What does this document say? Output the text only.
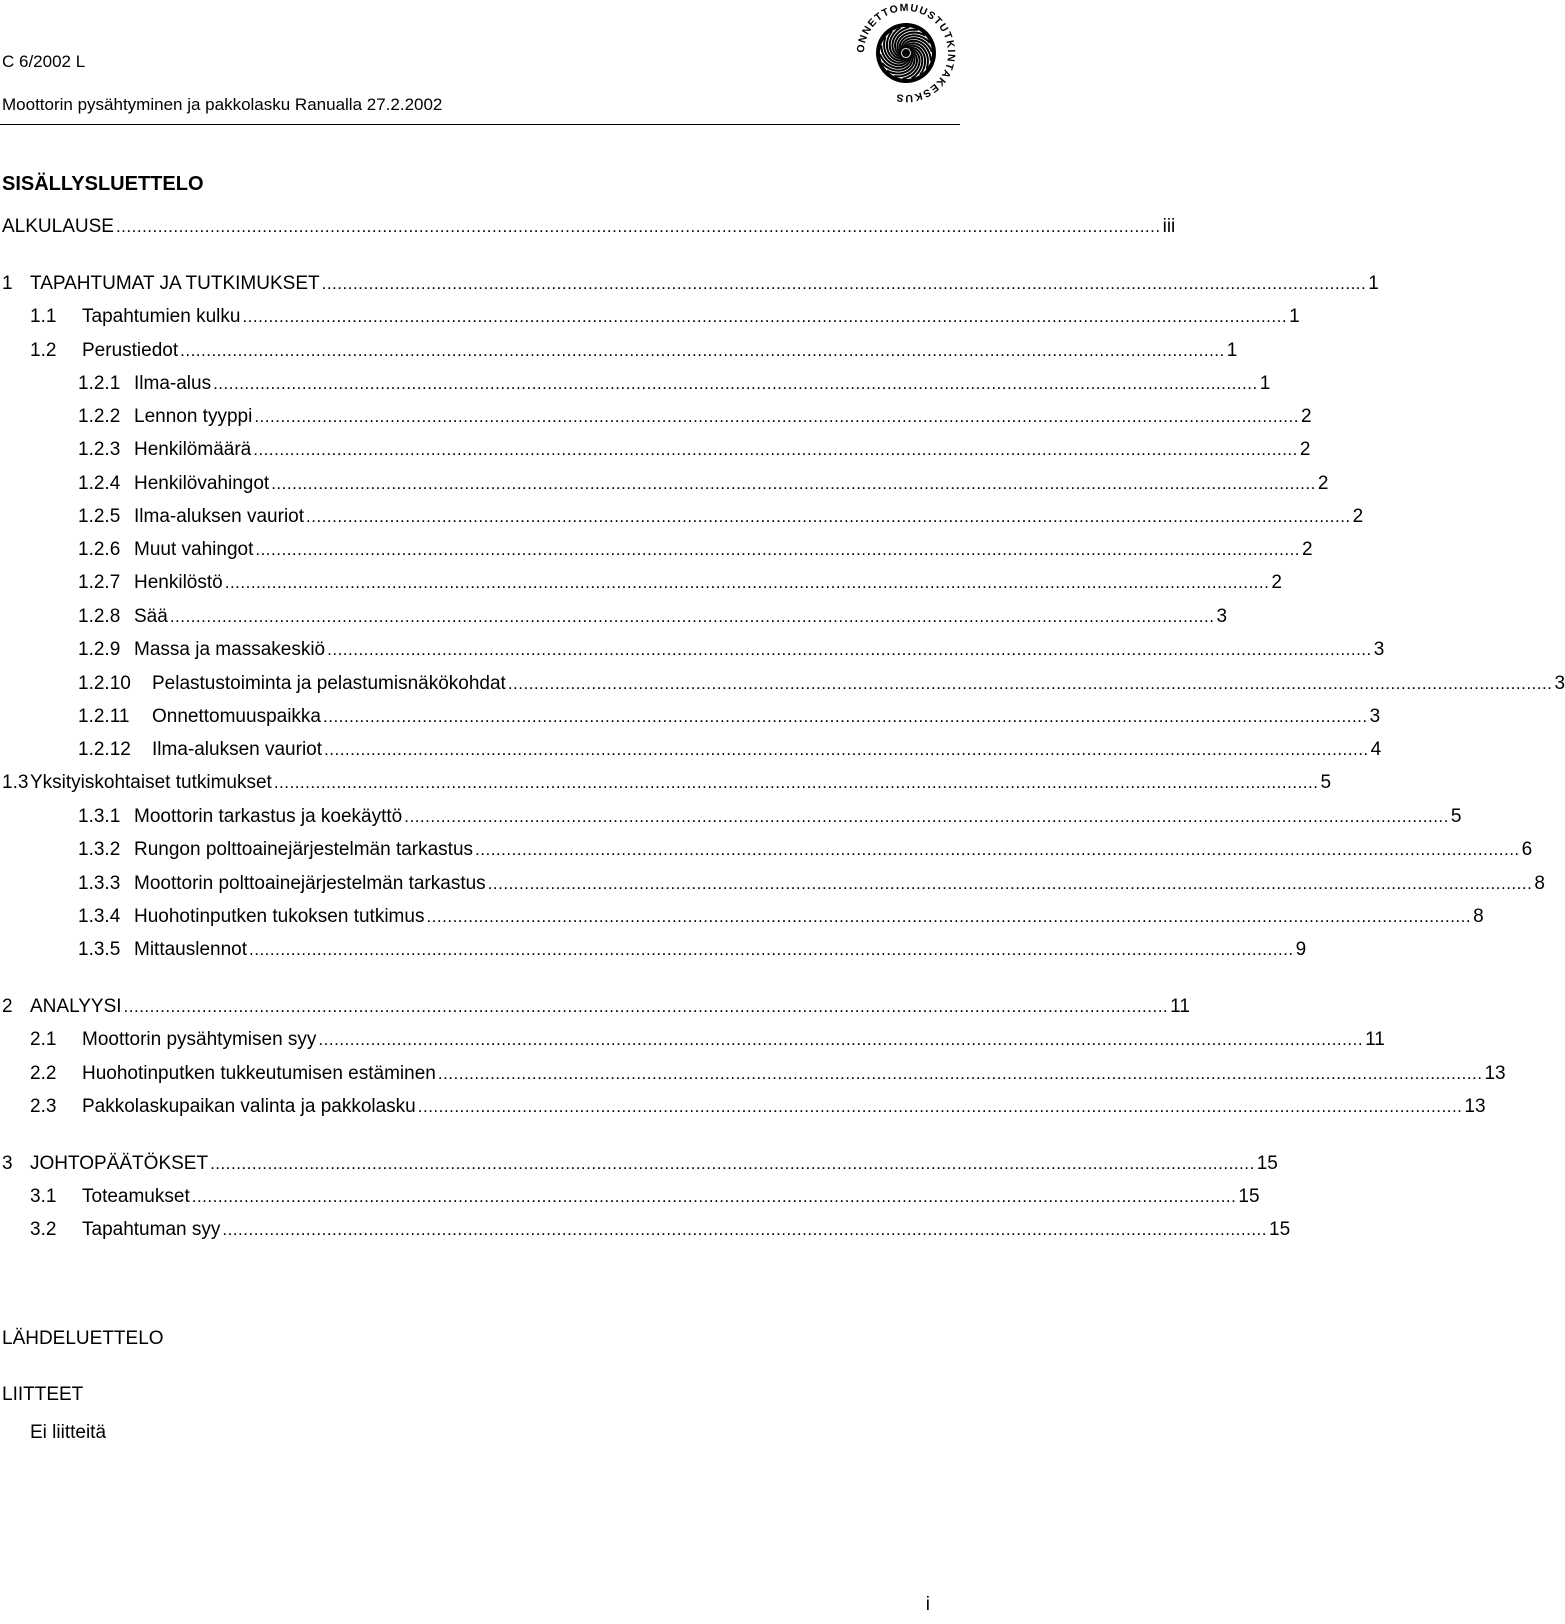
C 6/2002 L
Moottorin pysähtyminen ja pakkolasku Ranualla 27.2.2002
ONNETTOMUUSTUTKINTAKESKUS
SISÄLLYSLUETTELO
ALKULAUSE ........................................................................................................................................................................................................ iii
1 TAPAHTUMAT JA TUTKIMUKSET ........................................................................................................................................................................................................ 1
1.1 Tapahtumien kulku ........................................................................................................................................................................................................ 1
1.2 Perustiedot ........................................................................................................................................................................................................ 1
1.2.1 Ilma-alus ........................................................................................................................................................................................................ 1
1.2.2 Lennon tyyppi ........................................................................................................................................................................................................ 2
1.2.3 Henkilömäärä ........................................................................................................................................................................................................ 2
1.2.4 Henkilövahingot ........................................................................................................................................................................................................ 2
1.2.5 Ilma-aluksen vauriot ........................................................................................................................................................................................................ 2
1.2.6 Muut vahingot ........................................................................................................................................................................................................ 2
1.2.7 Henkilöstö ........................................................................................................................................................................................................ 2
1.2.8 Sää ........................................................................................................................................................................................................ 3
1.2.9 Massa ja massakeskiö ........................................................................................................................................................................................................ 3
1.2.10 Pelastustoiminta ja pelastumisnäkökohdat ........................................................................................................................................................................................................ 3
1.2.11 Onnettomuuspaikka ........................................................................................................................................................................................................ 3
1.2.12 Ilma-aluksen vauriot ........................................................................................................................................................................................................ 4
1.3 Yksityiskohtaiset tutkimukset ........................................................................................................................................................................................................ 5
1.3.1 Moottorin tarkastus ja koekäyttö ........................................................................................................................................................................................................ 5
1.3.2 Rungon polttoainejärjestelmän tarkastus ........................................................................................................................................................................................................ 6
1.3.3 Moottorin polttoainejärjestelmän tarkastus ........................................................................................................................................................................................................ 8
1.3.4 Huohotinputken tukoksen tutkimus ........................................................................................................................................................................................................ 8
1.3.5 Mittauslennot ........................................................................................................................................................................................................ 9
2 ANALYYSI ........................................................................................................................................................................................................ 11
2.1 Moottorin pysähtymisen syy ........................................................................................................................................................................................................ 11
2.2 Huohotinputken tukkeutumisen estäminen ........................................................................................................................................................................................................ 13
2.3 Pakkolaskupaikan valinta ja pakkolasku ........................................................................................................................................................................................................ 13
3 JOHTOPÄÄTÖKSET ........................................................................................................................................................................................................ 15
3.1 Toteamukset ........................................................................................................................................................................................................ 15
3.2 Tapahtuman syy ........................................................................................................................................................................................................ 15
LÄHDELUETTELO
LIITTEET
Ei liitteitä
i
